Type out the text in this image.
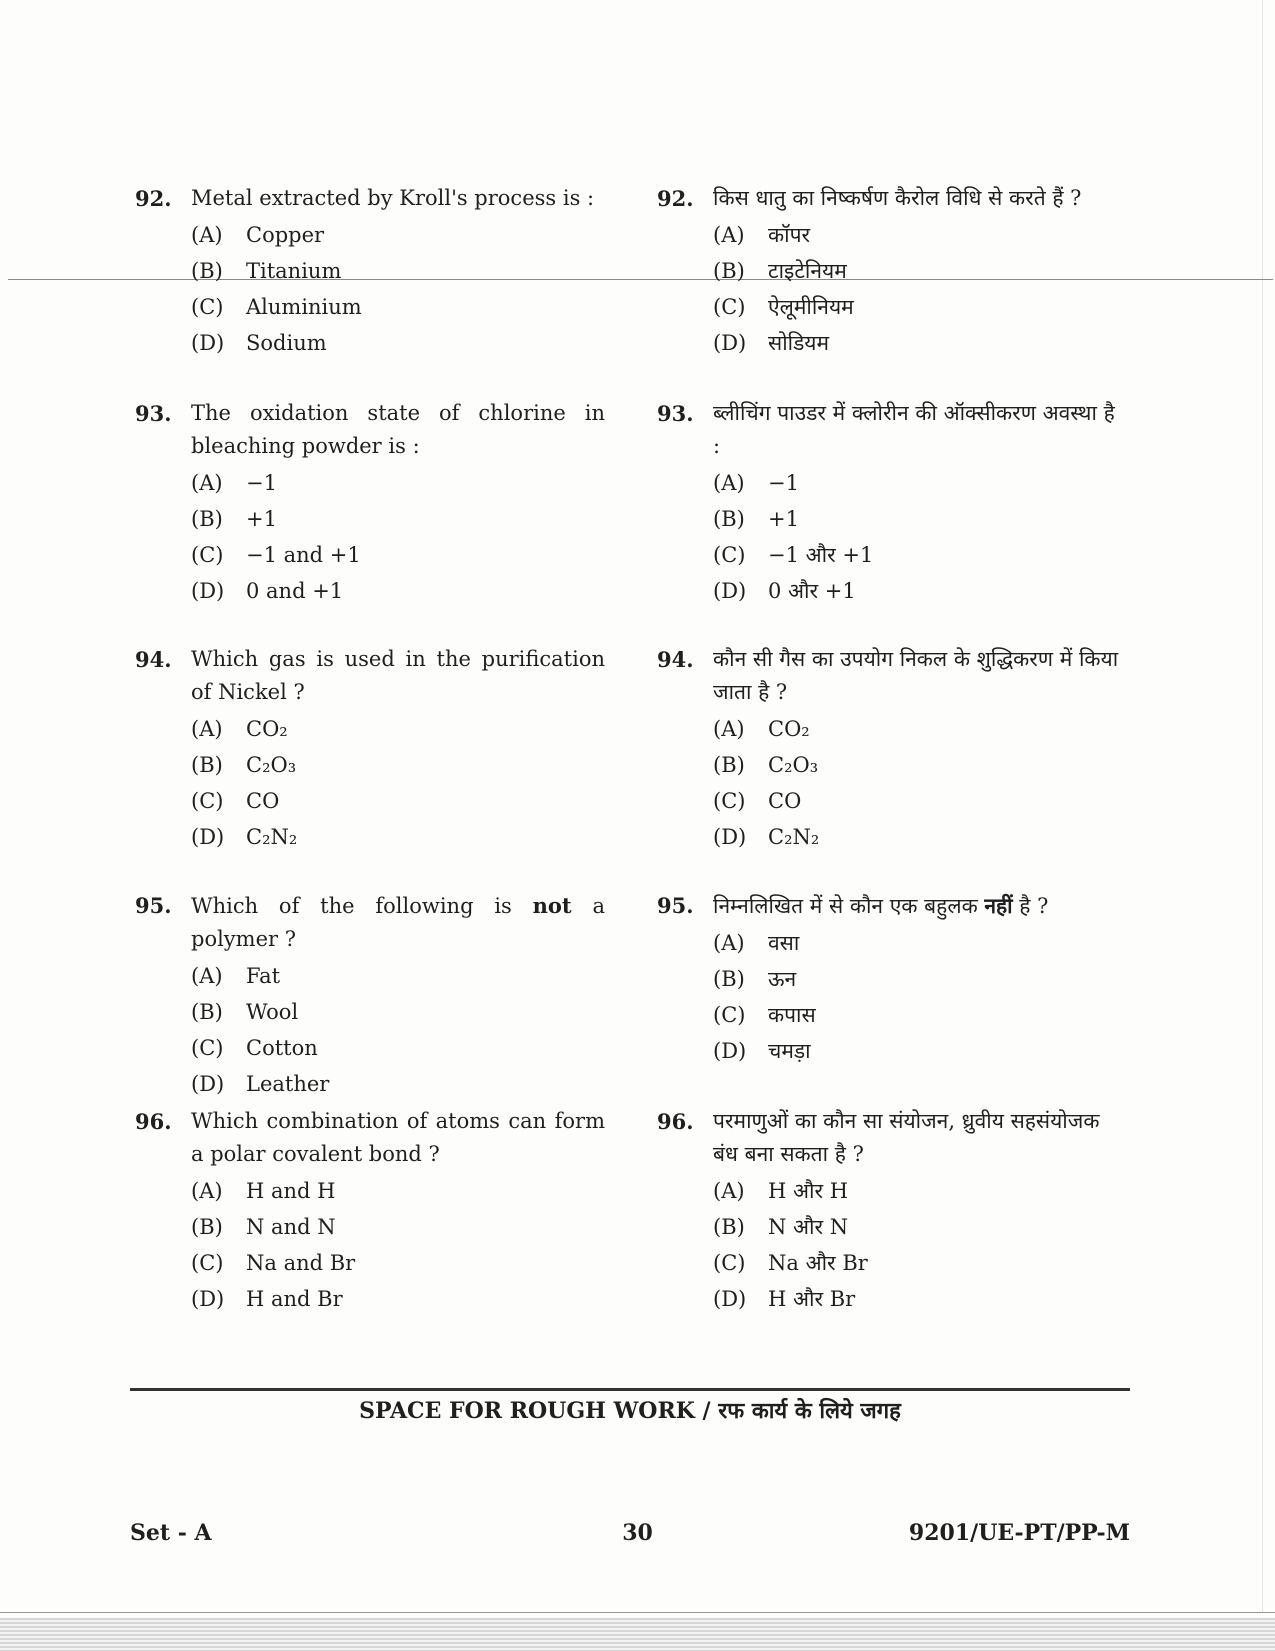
92. Metal extracted by Kroll's process is :
(A)	Copper
(B)	Titanium
(C)	Aluminium
(D)	Sodium
93. The oxidation state of chlorine in bleaching powder is :
(A)	−1
(B)	+1
(C)	−1 and +1
(D)	0 and +1
94. Which gas is used in the purification of Nickel ?
(A)	CO₂
(B)	C₂O₃
(C)	CO
(D)	C₂N₂
95. Which of the following is not a polymer ?
(A)	Fat
(B)	Wool
(C)	Cotton
(D)	Leather
96. Which combination of atoms can form a polar covalent bond ?
(A)	H and H
(B)	N and N
(C)	Na and Br
(D)	H and Br
92. किस धातु का निष्कर्षण कैरोल विधि से करते हैं ?
(A)	कॉपर
(B)	टाइटेनियम
(C)	ऐलूमीनियम
(D)	सोडियम
93. ब्लीचिंग पाउडर में क्लोरीन की ऑक्सीकरण अवस्था है :
(A)	−1
(B)	+1
(C)	−1 और +1
(D)	0 और +1
94. कौन सी गैस का उपयोग निकल के शुद्धिकरण में किया जाता है ?
(A)	CO₂
(B)	C₂O₃
(C)	CO
(D)	C₂N₂
95. निम्नलिखित में से कौन एक बहुलक नहीं है ?
(A)	वसा
(B)	ऊन
(C)	कपास
(D)	चमड़ा
96. परमाणुओं का कौन सा संयोजन, ध्रुवीय सहसंयोजक बंध बना सकता है ?
(A)	H और H
(B)	N और N
(C)	Na और Br
(D)	H और Br
SPACE FOR ROUGH WORK / रफ कार्य के लिये जगह
Set - A	30	9201/UE-PT/PP-M
